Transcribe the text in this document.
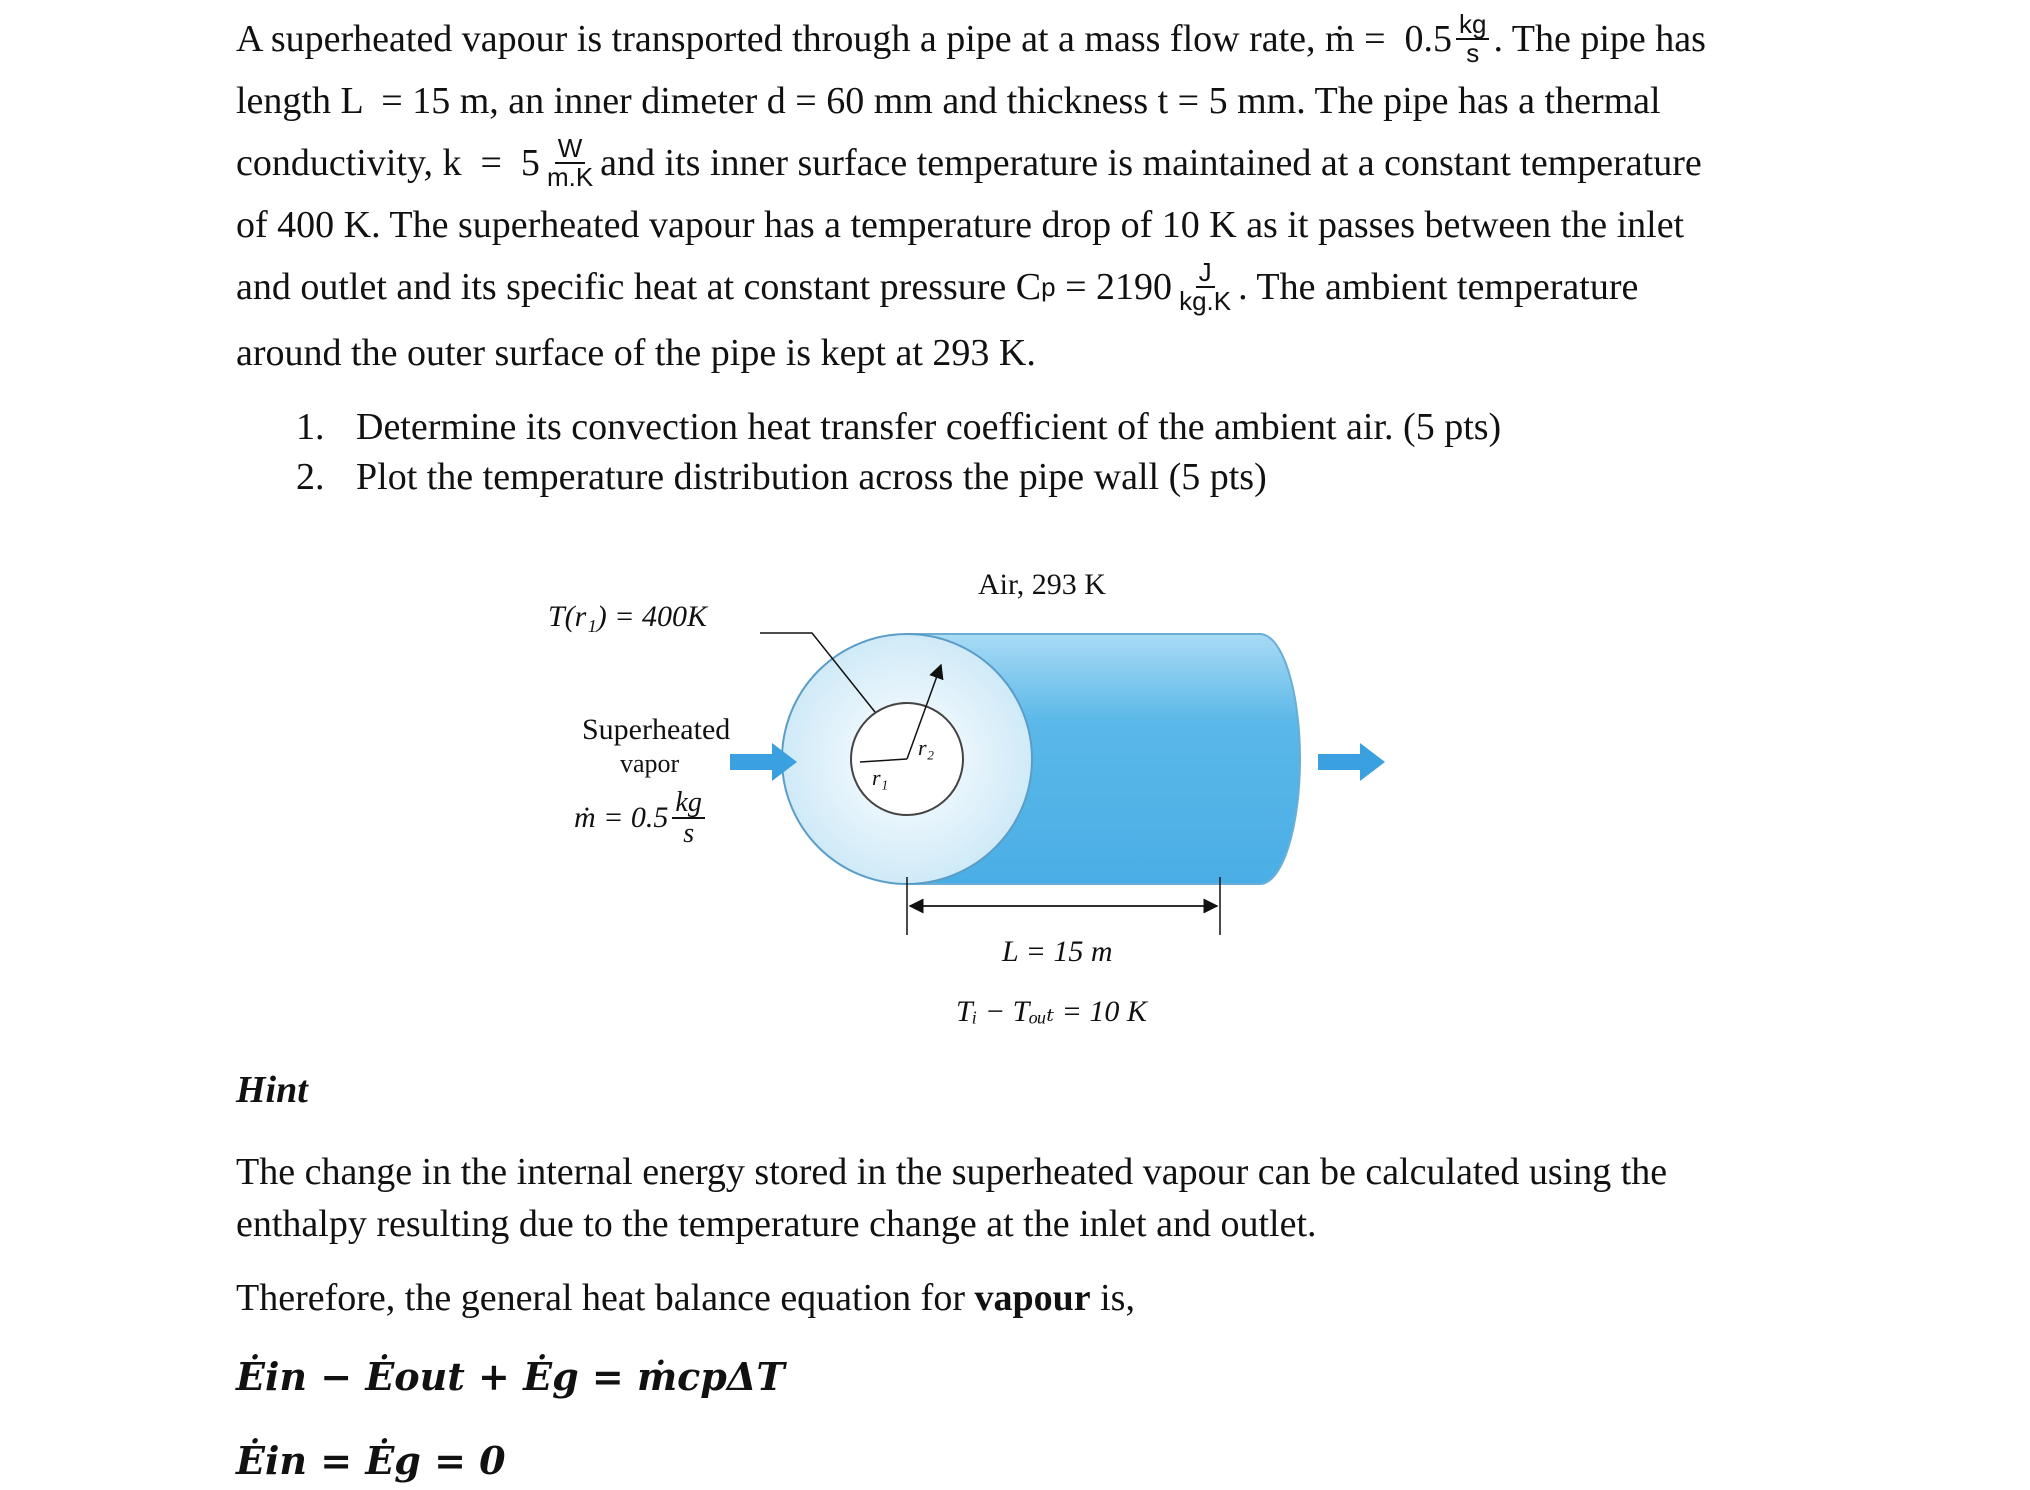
A superheated vapour is transported through a pipe at a mass flow rate, ṁ =  $0.5 \frac{kg}{s}$ . The pipe has
length L  = 15 m, an inner dimeter d = 60 mm and thickness t = 5 mm. The pipe has a thermal
conductivity, $k = 5 \frac{W}{m.K}$ and its inner surface temperature is maintained at a constant temperature
of 400 K. The superheated vapour has a temperature drop of 10 K as it passes between the inlet
and outlet and its specific heat at constant pressure C $p = 2190 \frac{J}{kg.K}$ . The ambient temperature
around the outer surface of the pipe is kept at 293 K.
1. Determine its convection heat transfer coefficient of the ambient air. (5 pts)
2. Plot the temperature distribution across the pipe wall (5 pts)
Air, 293 K
T(r₁) = 400K
Superheated
vapor
ṁ = $0.5 \frac{kg}{s}$
r₁
r₂
L = 15 m
Tᵢ − Tₒᵤₜ = 10 K
Hint
The change in the internal energy stored in the superheated vapour can be calculated using the
enthalpy resulting due to the temperature change at the inlet and outlet.
Therefore, the general heat balance equation for vapour is,
Ėin − Ėout + Ėg = ṁcpΔT
Ėin = Ėg = 0
